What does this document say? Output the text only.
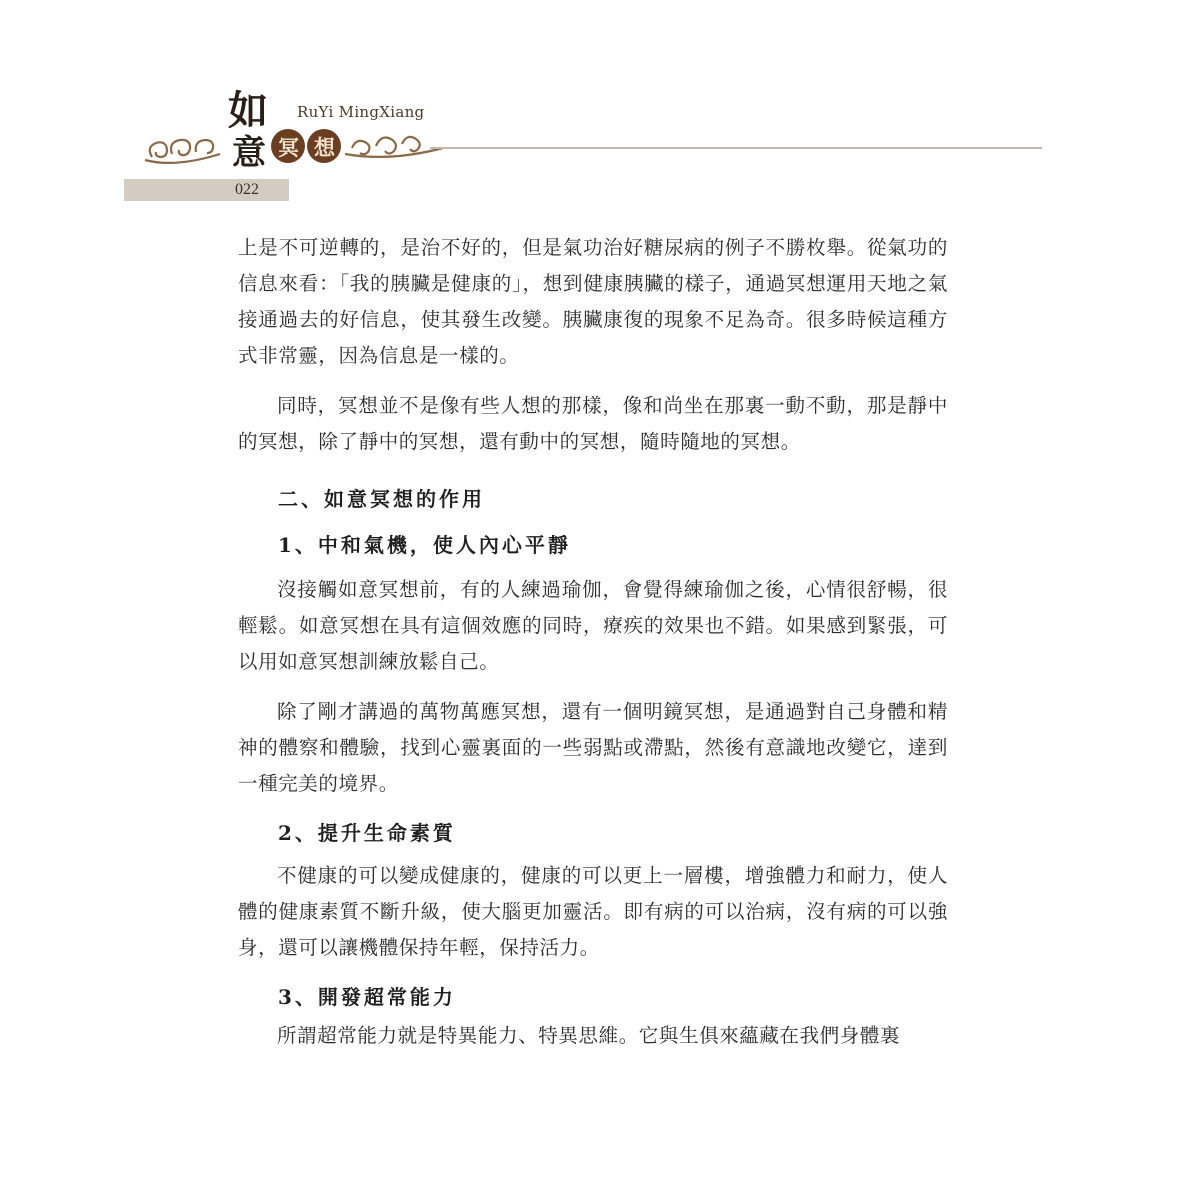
如
意 冥 想
RuYi MingXiang
022

上是不可逆轉的，是治不好的，但是氣功治好糖尿病的例子不勝枚舉。從氣功的信息來看：「我的胰臟是健康的」，想到健康胰臟的樣子，通過冥想運用天地之氣接通過去的好信息，使其發生改變。胰臟康復的現象不足為奇。很多時候這種方式非常靈，因為信息是一樣的。

同時，冥想並不是像有些人想的那樣，像和尚坐在那裏一動不動，那是靜中的冥想，除了靜中的冥想，還有動中的冥想，隨時隨地的冥想。

二、如意冥想的作用
1、中和氣機，使人內心平靜

沒接觸如意冥想前，有的人練過瑜伽，會覺得練瑜伽之後，心情很舒暢，很輕鬆。如意冥想在具有這個效應的同時，療疾的效果也不錯。如果感到緊張，可以用如意冥想訓練放鬆自己。

除了剛才講過的萬物萬應冥想，還有一個明鏡冥想，是通過對自己身體和精神的體察和體驗，找到心靈裏面的一些弱點或滯點，然後有意識地改變它，達到一種完美的境界。

2、提升生命素質

不健康的可以變成健康的，健康的可以更上一層樓，增強體力和耐力，使人體的健康素質不斷升級，使大腦更加靈活。即有病的可以治病，沒有病的可以強身，還可以讓機體保持年輕，保持活力。

3、開發超常能力

所謂超常能力就是特異能力、特異思維。它與生俱來蘊藏在我們身體裏
